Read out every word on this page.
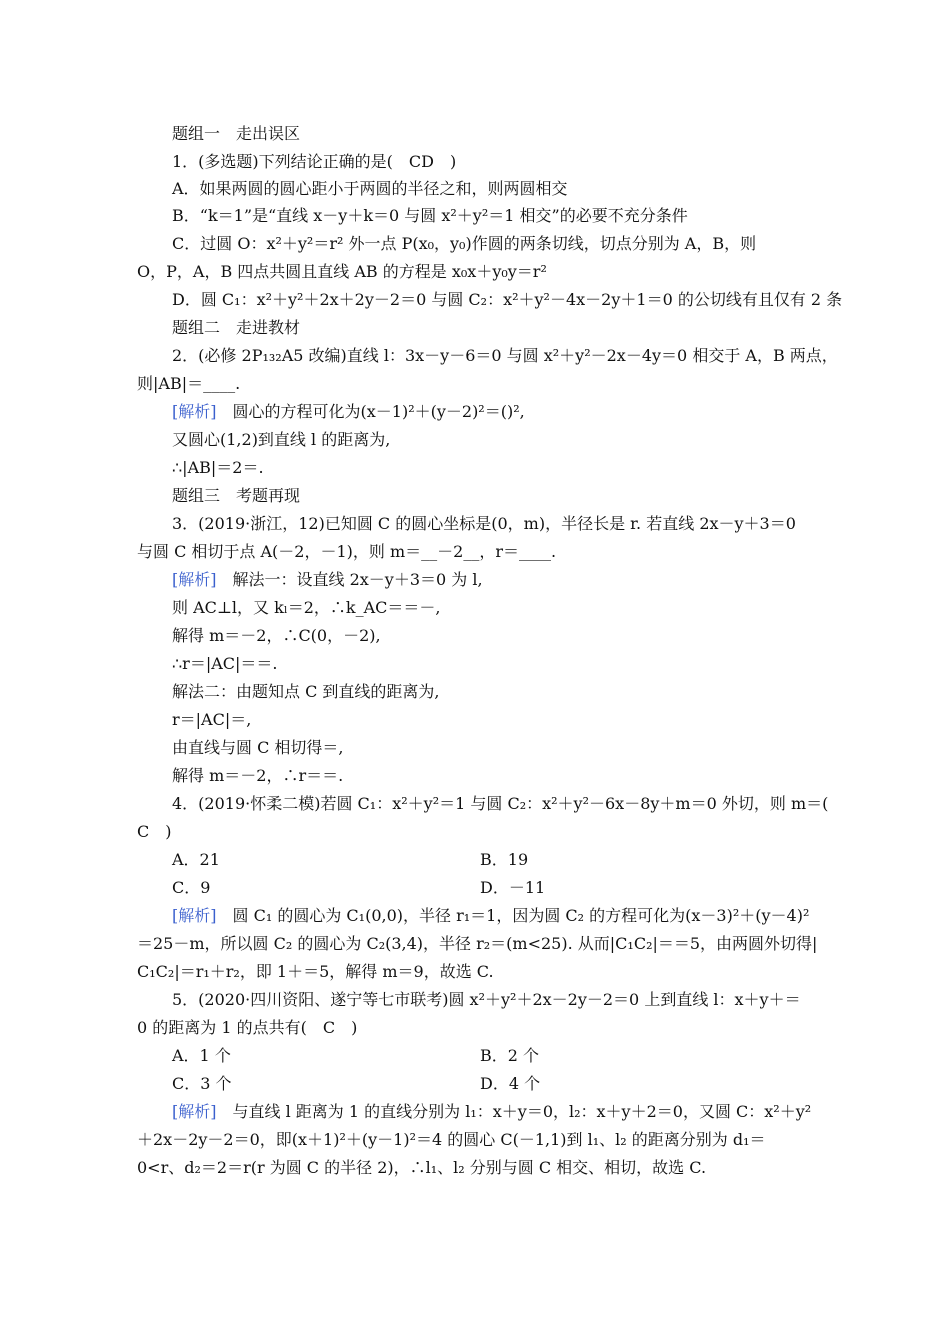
题组一　走出误区
1．(多选题)下列结论正确的是(　CD　)
A．如果两圆的圆心距小于两圆的半径之和，则两圆相交
B．“k＝1”是“直线 x－y＋k＝0 与圆 x²＋y²＝1 相交”的必要不充分条件
C．过圆 O：x²＋y²＝r² 外一点 P(x₀，y₀)作圆的两条切线，切点分别为 A，B，则
O，P，A，B 四点共圆且直线 AB 的方程是 x₀x＋y₀y＝r²
D．圆 C₁：x²＋y²＋2x＋2y－2＝0 与圆 C₂：x²＋y²－4x－2y＋1＝0 的公切线有且仅有 2 条
题组二　走进教材
2．(必修 2P₁₃₂A5 改编)直线 l：3x－y－6＝0 与圆 x²＋y²－2x－4y＝0 相交于 A，B 两点，
则|AB|＝____.
[解析]　圆心的方程可化为(x－1)²＋(y－2)²＝()²,
又圆心(1,2)到直线 l 的距离为,
∴|AB|＝2＝.
题组三　考题再现
3．(2019·浙江，12)已知圆 C 的圆心坐标是(0，m)，半径长是 r. 若直线 2x－y＋3＝0
与圆 C 相切于点 A(－2，－1)，则 m＝__－2__，r＝____.
[解析]　解法一：设直线 2x－y＋3＝0 为 l,
则 AC⊥l，又 kₗ＝2，∴k_AC＝＝－,
解得 m＝－2，∴C(0，－2),
∴r＝|AC|＝＝.
解法二：由题知点 C 到直线的距离为,
r＝|AC|＝,
由直线与圆 C 相切得＝,
解得 m＝－2，∴r＝＝.
4．(2019·怀柔二模)若圆 C₁：x²＋y²＝1 与圆 C₂：x²＋y²－6x－8y＋m＝0 外切，则 m＝(
C　)
A．21	B．19
C．9	D．－11
[解析]　圆 C₁ 的圆心为 C₁(0,0)，半径 r₁＝1，因为圆 C₂ 的方程可化为(x－3)²＋(y－4)²
＝25－m，所以圆 C₂ 的圆心为 C₂(3,4)，半径 r₂＝(m<25). 从而|C₁C₂|＝＝5，由两圆外切得|
C₁C₂|＝r₁＋r₂，即 1＋＝5，解得 m＝9，故选 C.
5．(2020·四川资阳、遂宁等七市联考)圆 x²＋y²＋2x－2y－2＝0 上到直线 l：x＋y＋＝
0 的距离为 1 的点共有(　C　)
A．1 个	B．2 个
C．3 个	D．4 个
[解析]　与直线 l 距离为 1 的直线分别为 l₁：x＋y＝0，l₂：x＋y＋2＝0，又圆 C：x²＋y²
＋2x－2y－2＝0，即(x＋1)²＋(y－1)²＝4 的圆心 C(－1,1)到 l₁、l₂ 的距离分别为 d₁＝
0<r、d₂＝2＝r(r 为圆 C 的半径 2)，∴l₁、l₂ 分别与圆 C 相交、相切，故选 C.
